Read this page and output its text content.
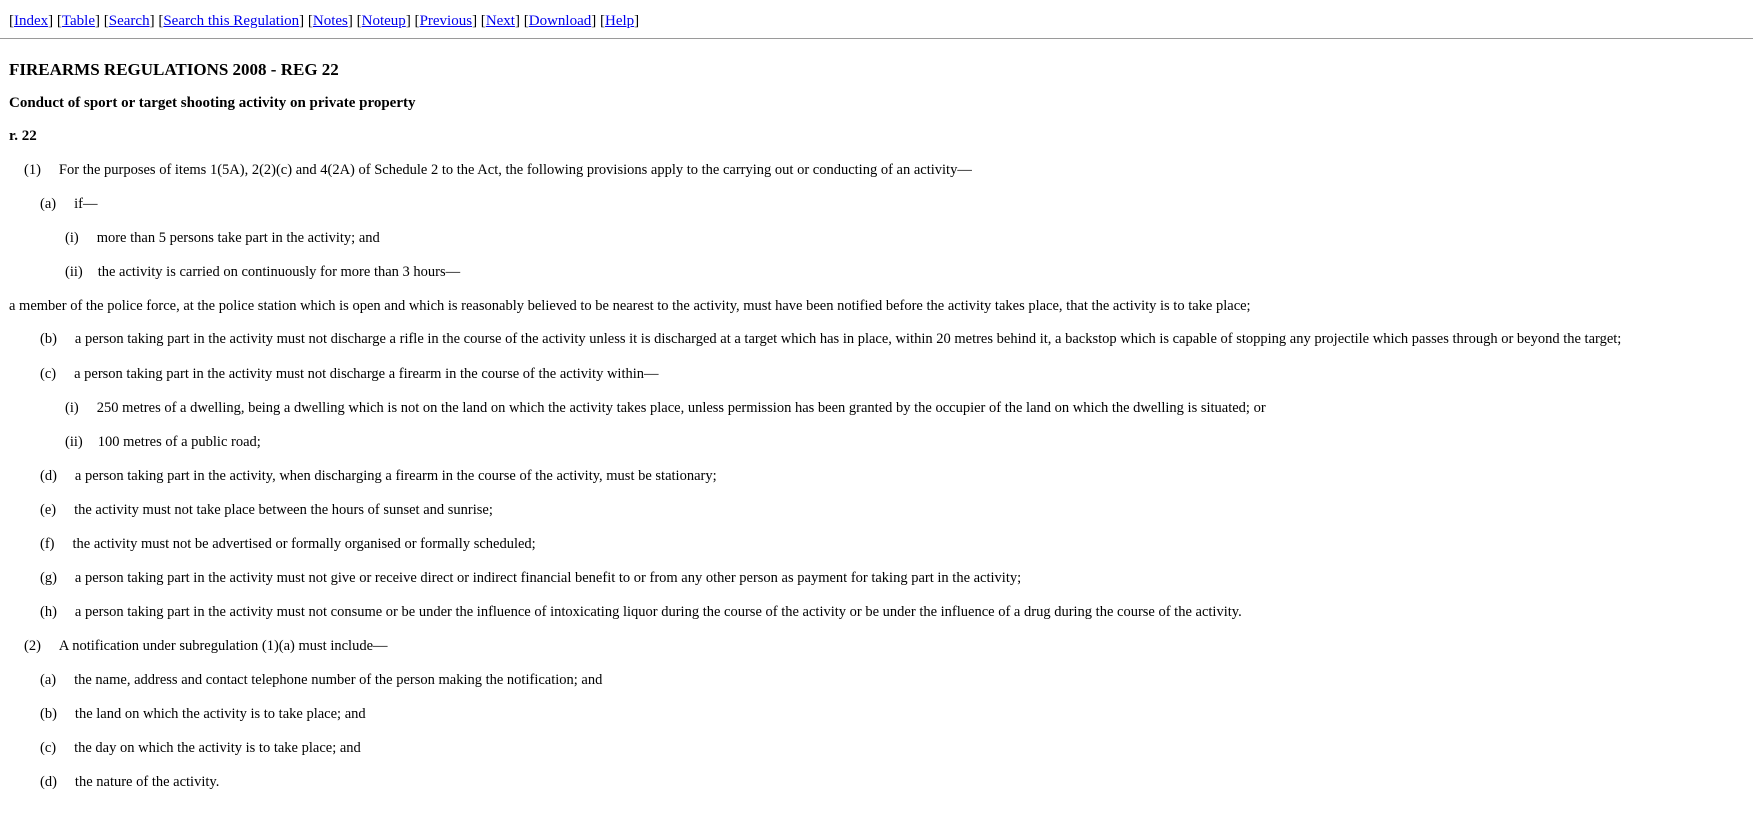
[Index] [Table] [Search] [Search this Regulation] [Notes] [Noteup] [Previous] [Next] [Download] [Help]
FIREARMS REGULATIONS 2008 - REG 22
Conduct of sport or target shooting activity on private property
r. 22
(1) For the purposes of items 1(5A), 2(2)(c) and 4(2A) of Schedule 2 to the Act, the following provisions apply to the carrying out or conducting of an activity—
(a) if—
(i) more than 5 persons take part in the activity; and
(ii) the activity is carried on continuously for more than 3 hours—
a member of the police force, at the police station which is open and which is reasonably believed to be nearest to the activity, must have been notified before the activity takes place, that the activity is to take place;
(b) a person taking part in the activity must not discharge a rifle in the course of the activity unless it is discharged at a target which has in place, within 20 metres behind it, a backstop which is capable of stopping any projectile which passes through or beyond the target;
(c) a person taking part in the activity must not discharge a firearm in the course of the activity within—
(i) 250 metres of a dwelling, being a dwelling which is not on the land on which the activity takes place, unless permission has been granted by the occupier of the land on which the dwelling is situated; or
(ii) 100 metres of a public road;
(d) a person taking part in the activity, when discharging a firearm in the course of the activity, must be stationary;
(e) the activity must not take place between the hours of sunset and sunrise;
(f) the activity must not be advertised or formally organised or formally scheduled;
(g) a person taking part in the activity must not give or receive direct or indirect financial benefit to or from any other person as payment for taking part in the activity;
(h) a person taking part in the activity must not consume or be under the influence of intoxicating liquor during the course of the activity or be under the influence of a drug during the course of the activity.
(2) A notification under subregulation (1)(a) must include—
(a) the name, address and contact telephone number of the person making the notification; and
(b) the land on which the activity is to take place; and
(c) the day on which the activity is to take place; and
(d) the nature of the activity.
